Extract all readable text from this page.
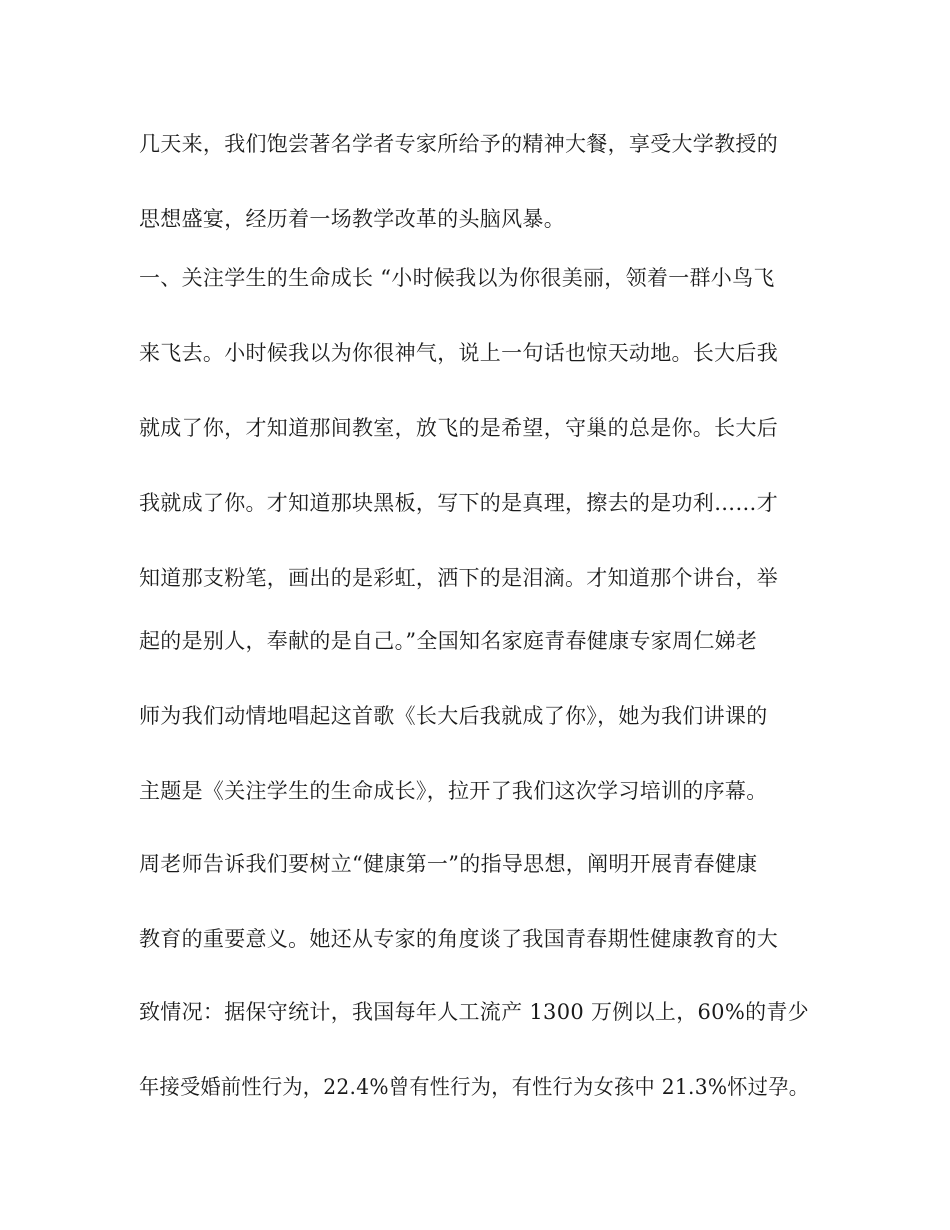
几天来，我们饱尝著名学者专家所给予的精神大餐，享受大学教授的

思想盛宴，经历着一场教学改革的头脑风暴。

一、关注学生的生命成长 “小时候我以为你很美丽，领着一群小鸟飞

来飞去。小时候我以为你很神气，说上一句话也惊天动地。长大后我

就成了你，才知道那间教室，放飞的是希望，守巢的总是你。长大后

我就成了你。才知道那块黑板，写下的是真理，擦去的是功利……才

知道那支粉笔，画出的是彩虹，洒下的是泪滴。才知道那个讲台，举

起的是别人，奉献的是自己。”全国知名家庭青春健康专家周仁娣老

师为我们动情地唱起这首歌《长大后我就成了你》，她为我们讲课的

主题是《关注学生的生命成长》，拉开了我们这次学习培训的序幕。

周老师告诉我们要树立“健康第一”的指导思想，阐明开展青春健康

教育的重要意义。她还从专家的角度谈了我国青春期性健康教育的大

致情况：据保守统计，我国每年人工流产 1300 万例以上，60%的青少

年接受婚前性行为，22.4%曾有性行为，有性行为女孩中 21.3%怀过孕。
